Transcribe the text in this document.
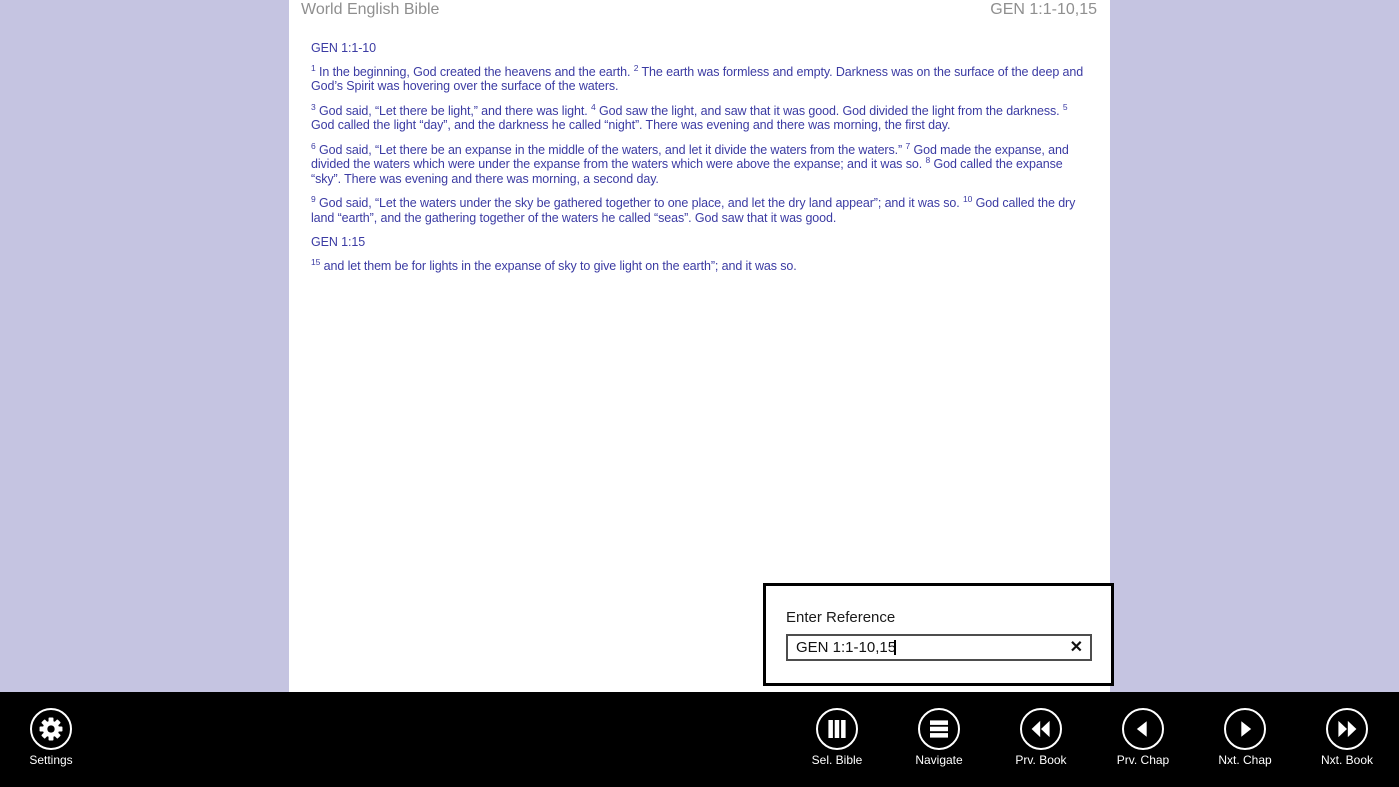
World English Bible	GEN 1:1-10,15

GEN 1:1-10

$^1$ In the beginning, God created the heavens and the earth. $^2$ The earth was formless and empty. Darkness was on the surface of the deep and God’s Spirit was hovering over the surface of the waters.

$^3$ God said, “Let there be light,” and there was light. $^4$ God saw the light, and saw that it was good. God divided the light from the darkness. $^5$ God called the light “day”, and the darkness he called “night”. There was evening and there was morning, the first day.

$^6$ God said, “Let there be an expanse in the middle of the waters, and let it divide the waters from the waters.” $^7$ God made the expanse, and divided the waters which were under the expanse from the waters which were above the expanse; and it was so. $^8$ God called the expanse “sky”. There was evening and there was morning, a second day.

$^9$ God said, “Let the waters under the sky be gathered together to one place, and let the dry land appear”; and it was so. $^{10}$ God called the dry land “earth”, and the gathering together of the waters he called “seas”. God saw that it was good.

GEN 1:15

$^{15}$ and let them be for lights in the expanse of sky to give light on the earth”; and it was so.

Enter Reference
GEN 1:1-10,15
✕
Settings	Sel. Bible	Navigate	Prv. Book	Prv. Chap	Nxt. Chap	Nxt. Book
